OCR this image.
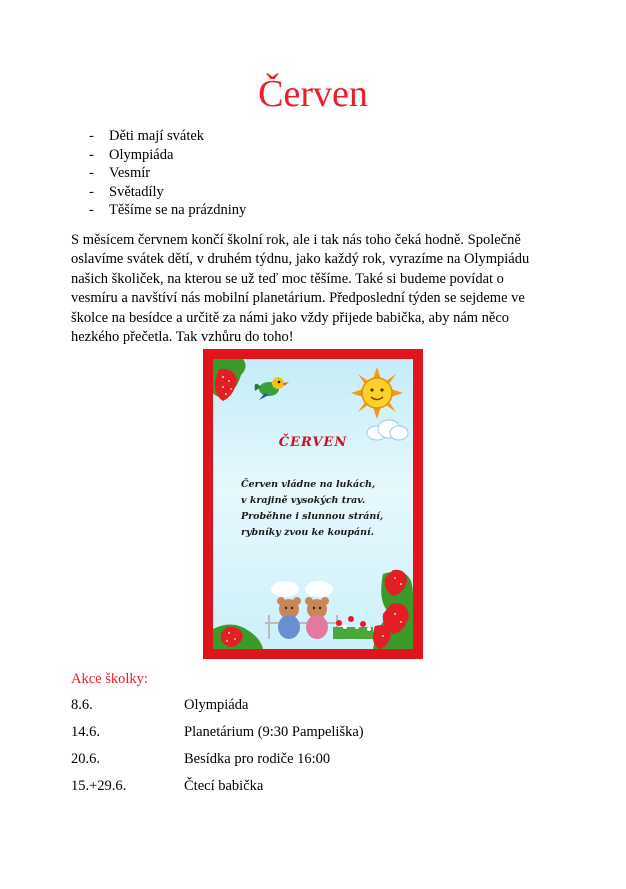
Červen
- Děti mají svátek
- Olympiáda
- Vesmír
- Světadíly
- Těšíme se na prázdniny
S měsícem červnem končí školní rok, ale i tak nás toho čeká hodně. Společně
oslavíme svátek dětí, v druhém týdnu, jako každý rok, vyrazíme na Olympiádu
našich školiček, na kterou se už teď moc těšíme. Také si budeme povídat o
vesmíru a navštíví nás mobilní planetárium. Předposlední týden se sejdeme ve
školce na besídce a určitě za námi jako vždy přijede babička, aby nám něco
hezkého přečetla. Tak vzhůru do toho!
ČERVEN
Červen vládne na lukách,
v krajině vysokých trav.
Proběhne i slunnou strání,
rybníky zvou ke koupání.

Akce školky:

8.6.	Olympiáda
14.6.	Planetárium (9:30 Pampeliška)
20.6.	Besídka pro rodiče 16:00
15.+29.6.	Čtecí babička
